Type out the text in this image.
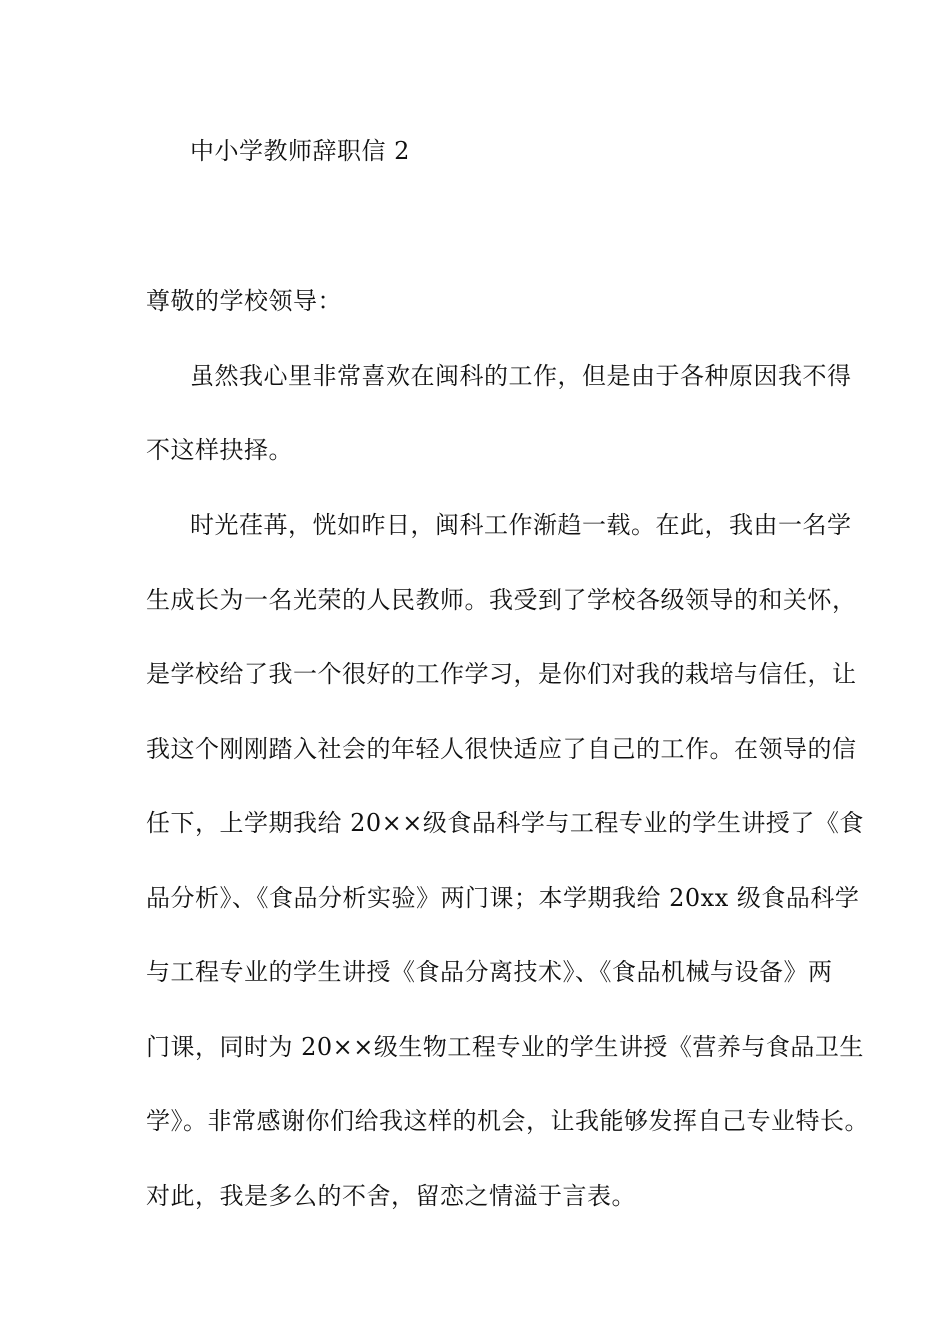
中小学教师辞职信 2
尊敬的学校领导：
虽然我心里非常喜欢在闽科的工作，但是由于各种原因我不得
不这样抉择。
时光荏苒，恍如昨日，闽科工作渐趋一载。在此，我由一名学
生成长为一名光荣的人民教师。我受到了学校各级领导的和关怀，
是学校给了我一个很好的工作学习，是你们对我的栽培与信任，让
我这个刚刚踏入社会的年轻人很快适应了自己的工作。在领导的信
任下，上学期我给 20××级食品科学与工程专业的学生讲授了《食
品分析》、《食品分析实验》两门课；本学期我给 20xx 级食品科学
与工程专业的学生讲授《食品分离技术》、《食品机械与设备》两
门课，同时为 20××级生物工程专业的学生讲授《营养与食品卫生
学》。非常感谢你们给我这样的机会，让我能够发挥自己专业特长。
对此，我是多么的不舍，留恋之情溢于言表。
